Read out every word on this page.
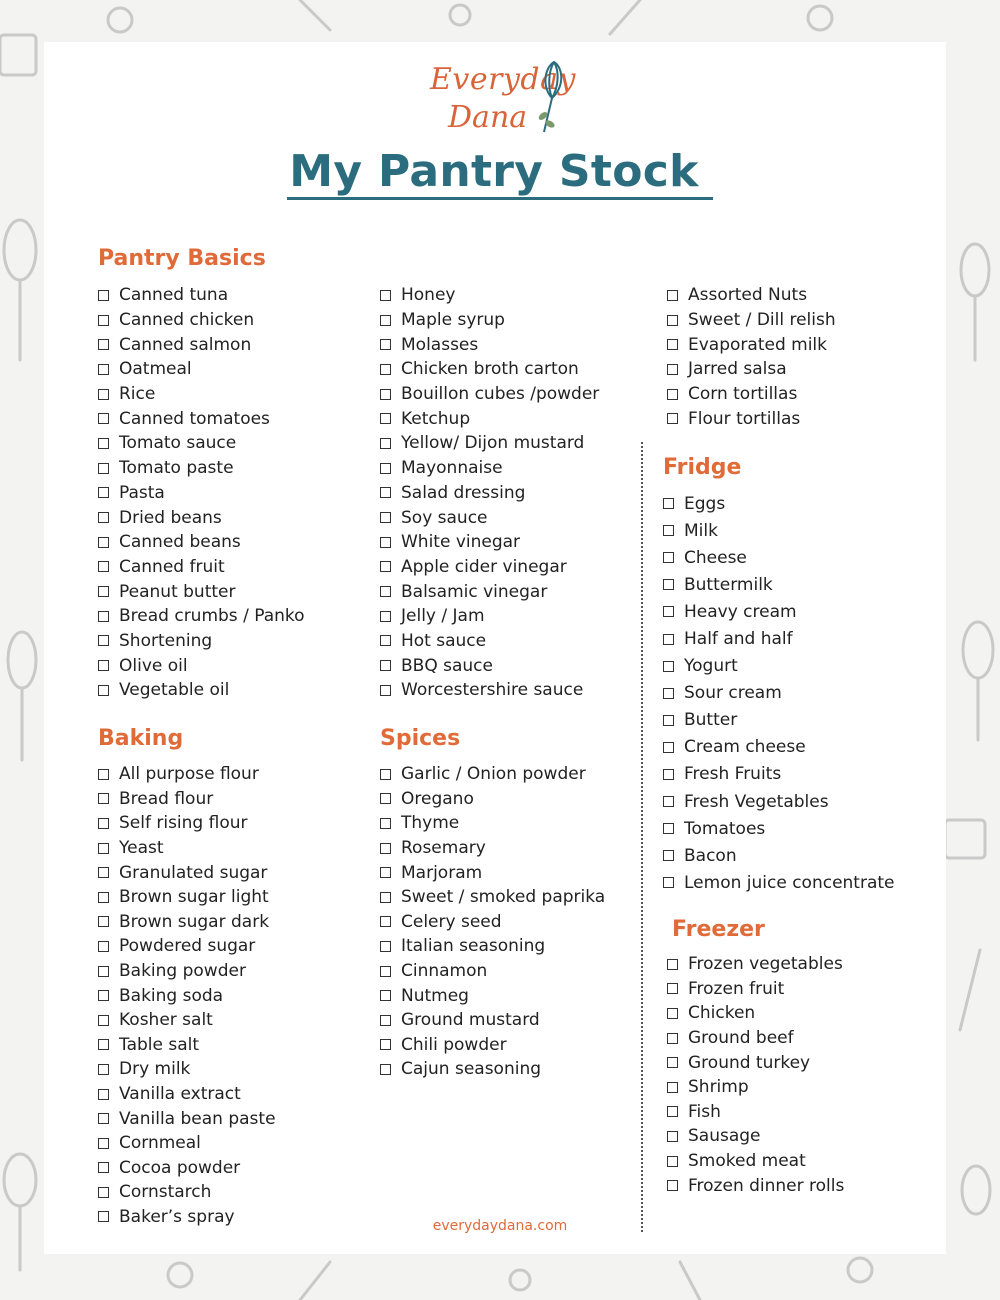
Everyday
Dana
My Pantry Stock
Pantry Basics
Canned tuna
Canned chicken
Canned salmon
Oatmeal
Rice
Canned tomatoes
Tomato sauce
Tomato paste
Pasta
Dried beans
Canned beans
Canned fruit
Peanut butter
Bread crumbs / Panko
Shortening
Olive oil
Vegetable oil
Honey
Maple syrup
Molasses
Chicken broth carton
Bouillon cubes /powder
Ketchup
Yellow/ Dijon mustard
Mayonnaise
Salad dressing
Soy sauce
White vinegar
Apple cider vinegar
Balsamic vinegar
Jelly / Jam
Hot sauce
BBQ sauce
Worcestershire sauce
Assorted Nuts
Sweet / Dill relish
Evaporated milk
Jarred salsa
Corn tortillas
Flour tortillas
Baking
All purpose flour
Bread flour
Self rising flour
Yeast
Granulated sugar
Brown sugar light
Brown sugar dark
Powdered sugar
Baking powder
Baking soda
Kosher salt
Table salt
Dry milk
Vanilla extract
Vanilla bean paste
Cornmeal
Cocoa powder
Cornstarch
Baker’s spray
Spices
Garlic / Onion powder
Oregano
Thyme
Rosemary
Marjoram
Sweet / smoked paprika
Celery seed
Italian seasoning
Cinnamon
Nutmeg
Ground mustard
Chili powder
Cajun seasoning
Fridge
Eggs
Milk
Cheese
Buttermilk
Heavy cream
Half and half
Yogurt
Sour cream
Butter
Cream cheese
Fresh Fruits
Fresh Vegetables
Tomatoes
Bacon
Lemon juice concentrate
Freezer
Frozen vegetables
Frozen fruit
Chicken
Ground beef
Ground turkey
Shrimp
Fish
Sausage
Smoked meat
Frozen dinner rolls
everydaydana.com
